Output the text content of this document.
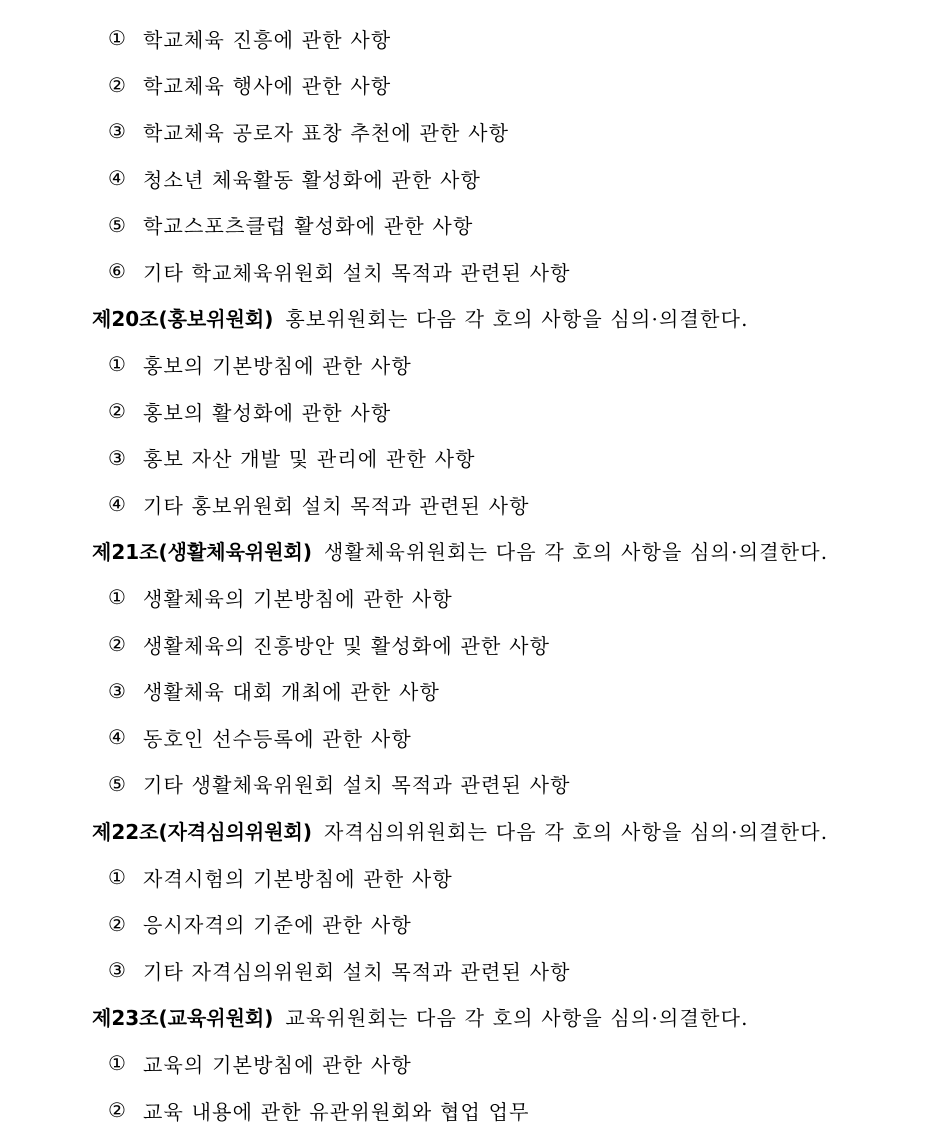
① 학교체육 진흥에 관한 사항
② 학교체육 행사에 관한 사항
③ 학교체육 공로자 표창 추천에 관한 사항
④ 청소년 체육활동 활성화에 관한 사항
⑤ 학교스포츠클럽 활성화에 관한 사항
⑥ 기타 학교체육위원회 설치 목적과 관련된 사항
제20조(홍보위원회) 홍보위원회는 다음 각 호의 사항을 심의·의결한다.
① 홍보의 기본방침에 관한 사항
② 홍보의 활성화에 관한 사항
③ 홍보 자산 개발 및 관리에 관한 사항
④ 기타 홍보위원회 설치 목적과 관련된 사항
제21조(생활체육위원회) 생활체육위원회는 다음 각 호의 사항을 심의·의결한다.
① 생활체육의 기본방침에 관한 사항
② 생활체육의 진흥방안 및 활성화에 관한 사항
③ 생활체육 대회 개최에 관한 사항
④ 동호인 선수등록에 관한 사항
⑤ 기타 생활체육위원회 설치 목적과 관련된 사항
제22조(자격심의위원회) 자격심의위원회는 다음 각 호의 사항을 심의·의결한다.
① 자격시험의 기본방침에 관한 사항
② 응시자격의 기준에 관한 사항
③ 기타 자격심의위원회 설치 목적과 관련된 사항
제23조(교육위원회) 교육위원회는 다음 각 호의 사항을 심의·의결한다.
① 교육의 기본방침에 관한 사항
② 교육 내용에 관한 유관위원회와 협업 업무
